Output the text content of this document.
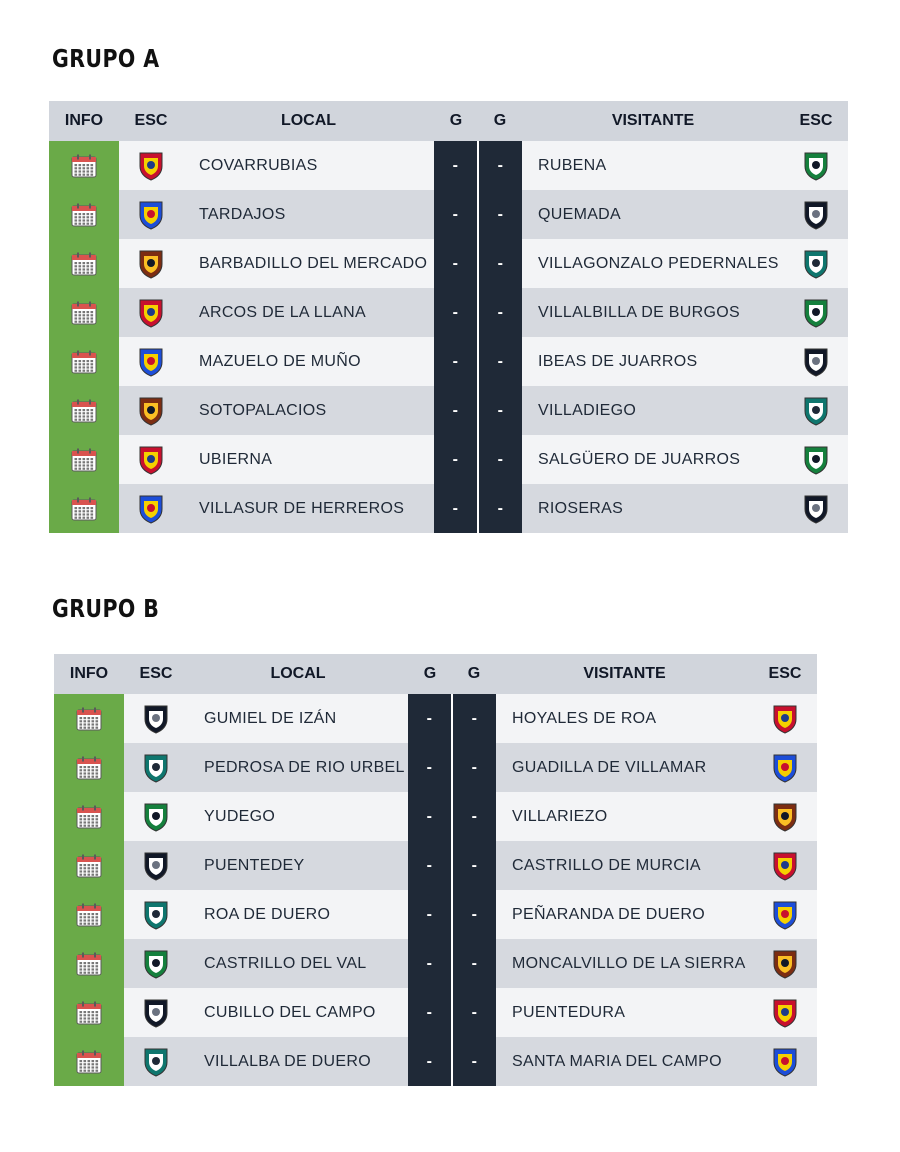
GRUPO A
INFO	ESC	LOCAL	G	G	VISITANTE	ESC

	COVARRUBIAS	-	-	RUBENA	

	TARDAJOS	-	-	QUEMADA	

	BARBADILLO DEL MERCADO	-	-	VILLAGONZALO PEDERNALES	

	ARCOS DE LA LLANA	-	-	VILLALBILLA DE BURGOS	

	MAZUELO DE MUÑO	-	-	IBEAS DE JUARROS	

	SOTOPALACIOS	-	-	VILLADIEGO	

	UBIERNA	-	-	SALGÜERO DE JUARROS	

	VILLASUR DE HERREROS	-	-	RIOSERAS	
GRUPO B
INFO	ESC	LOCAL	G	G	VISITANTE	ESC

	GUMIEL DE IZÁN	-	-	HOYALES DE ROA	

	PEDROSA DE RIO URBEL	-	-	GUADILLA DE VILLAMAR	

	YUDEGO	-	-	VILLARIEZO	

	PUENTEDEY	-	-	CASTRILLO DE MURCIA	

	ROA DE DUERO	-	-	PEÑARANDA DE DUERO	

	CASTRILLO DEL VAL	-	-	MONCALVILLO DE LA SIERRA	

	CUBILLO DEL CAMPO	-	-	PUENTEDURA	

	VILLALBA DE DUERO	-	-	SANTA MARIA DEL CAMPO	
